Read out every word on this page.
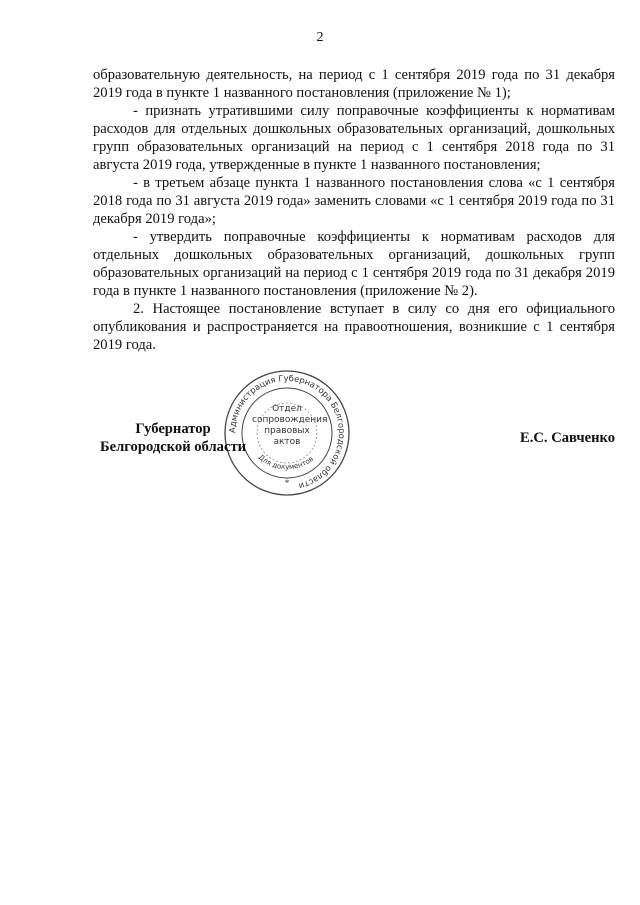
2

образовательную деятельность, на период с 1 сентября 2019 года по 31 декабря 2019 года в пункте 1 названного постановления (приложение № 1);

- признать утратившими силу поправочные коэффициенты к нормативам расходов для отдельных дошкольных образовательных организаций, дошкольных групп образовательных организаций на период с 1 сентября 2018 года по 31 августа 2019 года, утвержденные в пункте 1 названного постановления;

- в третьем абзаце пункта 1 названного постановления слова «с 1 сентября 2018 года по 31 августа 2019 года» заменить словами «с 1 сентября 2019 года по 31 декабря 2019 года»;

- утвердить поправочные коэффициенты к нормативам расходов для отдельных дошкольных образовательных организаций, дошкольных групп образовательных организаций на период с 1 сентября 2019 года по 31 декабря 2019 года в пункте 1 названного постановления (приложение № 2).

2. Настоящее постановление вступает в силу со дня его официального опубликования и распространяется на правоотношения, возникшие с 1 сентября 2019 года.

Администрация Губернатора Белгородской области
Для документов
*
Отдел
сопровождения
правовых
актов
Губернатор
Белгородской области
Е.С. Савченко
